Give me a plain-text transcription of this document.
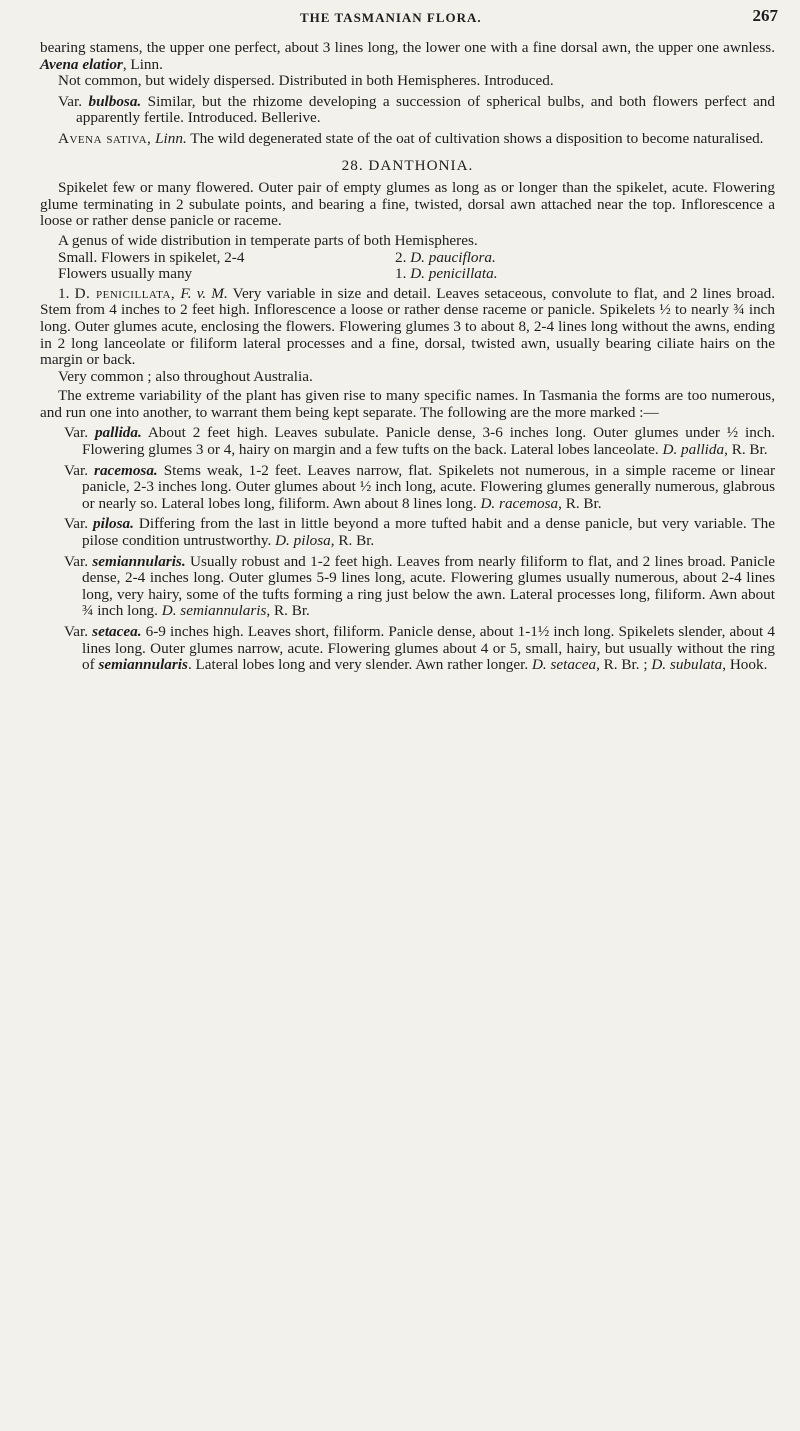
THE TASMANIAN FLORA.	267

bearing stamens, the upper one perfect, about 3 lines long, the lower one with a fine dorsal awn, the upper one awnless. Avena elatior, Linn.

Not common, but widely dispersed. Distributed in both Hemispheres. Introduced.

Var. bulbosa. Similar, but the rhizome developing a succession of spherical bulbs, and both flowers perfect and apparently fertile. Introduced. Bellerive.

Avena sativa, Linn. The wild degenerated state of the oat of cultivation shows a disposition to become naturalised.

28. DANTHONIA.

Spikelet few or many flowered. Outer pair of empty glumes as long as or longer than the spikelet, acute. Flowering glume terminating in 2 subulate points, and bearing a fine, twisted, dorsal awn attached near the top. Inflorescence a loose or rather dense panicle or raceme.

A genus of wide distribution in temperate parts of both Hemispheres.

Small. Flowers in spikelet, 2-4	2. D. pauciflora.
Flowers usually many	1. D. penicillata.

1. D. penicillata, F. v. M. Very variable in size and detail. Leaves setaceous, convolute to flat, and 2 lines broad. Stem from 4 inches to 2 feet high. Inflorescence a loose or rather dense raceme or panicle. Spikelets ½ to nearly ¾ inch long. Outer glumes acute, enclosing the flowers. Flowering glumes 3 to about 8, 2-4 lines long without the awns, ending in 2 long lanceolate or filiform lateral processes and a fine, dorsal, twisted awn, usually bearing ciliate hairs on the margin or back.

Very common ; also throughout Australia.

The extreme variability of the plant has given rise to many specific names. In Tasmania the forms are too numerous, and run one into another, to warrant them being kept separate. The following are the more marked :—

Var. pallida. About 2 feet high. Leaves subulate. Panicle dense, 3-6 inches long. Outer glumes under ½ inch. Flowering glumes 3 or 4, hairy on margin and a few tufts on the back. Lateral lobes lanceolate. D. pallida, R. Br.

Var. racemosa. Stems weak, 1-2 feet. Leaves narrow, flat. Spikelets not numerous, in a simple raceme or linear panicle, 2-3 inches long. Outer glumes about ½ inch long, acute. Flowering glumes generally numerous, glabrous or nearly so. Lateral lobes long, filiform. Awn about 8 lines long. D. racemosa, R. Br.

Var. pilosa. Differing from the last in little beyond a more tufted habit and a dense panicle, but very variable. The pilose condition untrustworthy. D. pilosa, R. Br.

Var. semiannularis. Usually robust and 1-2 feet high. Leaves from nearly filiform to flat, and 2 lines broad. Panicle dense, 2-4 inches long. Outer glumes 5-9 lines long, acute. Flowering glumes usually numerous, about 2-4 lines long, very hairy, some of the tufts forming a ring just below the awn. Lateral processes long, filiform. Awn about ¾ inch long. D. semiannularis, R. Br.

Var. setacea. 6-9 inches high. Leaves short, filiform. Panicle dense, about 1-1½ inch long. Spikelets slender, about 4 lines long. Outer glumes narrow, acute. Flowering glumes about 4 or 5, small, hairy, but usually without the ring of semiannularis. Lateral lobes long and very slender. Awn rather longer. D. setacea, R. Br. ; D. subulata, Hook.
